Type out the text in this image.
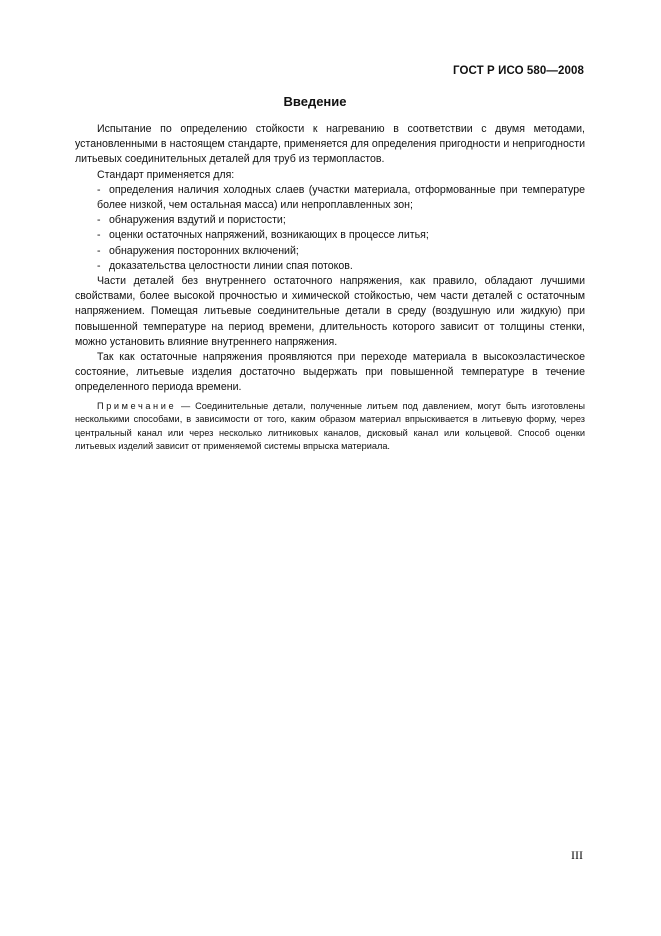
ГОСТ Р ИСО 580—2008
Введение

Испытание по определению стойкости к нагреванию в соответствии с двумя методами, установленными в настоящем стандарте, применяется для определения пригодности и непригодности литьевых соединительных деталей для труб из термопластов.

Стандарт применяется для:

- определения наличия холодных слаев (участки материала, отформованные при температуре более низкой, чем остальная масса) или непроплавленных зон;

- обнаружения вздутий и пористости;

- оценки остаточных напряжений, возникающих в процессе литья;

- обнаружения посторонних включений;

- доказательства целостности линии спая потоков.

Части деталей без внутреннего остаточного напряжения, как правило, обладают лучшими свойствами, более высокой прочностью и химической стойкостью, чем части деталей с остаточным напряжением. Помещая литьевые соединительные детали в среду (воздушную или жидкую) при повышенной температуре на период времени, длительность которого зависит от толщины стенки, можно установить влияние внутреннего напряжения.

Так как остаточные напряжения проявляются при переходе материала в высокоэластическое состояние, литьевые изделия достаточно выдержать при повышенной температуре в течение определенного периода времени.

Примечание — Соединительные детали, полученные литьем под давлением, могут быть изготовлены несколькими способами, в зависимости от того, каким образом материал впрыскивается в литьевую форму, через центральный канал или через несколько литниковых каналов, дисковый канал или кольцевой. Способ оценки литьевых изделий зависит от применяемой системы впрыска материала.

III
